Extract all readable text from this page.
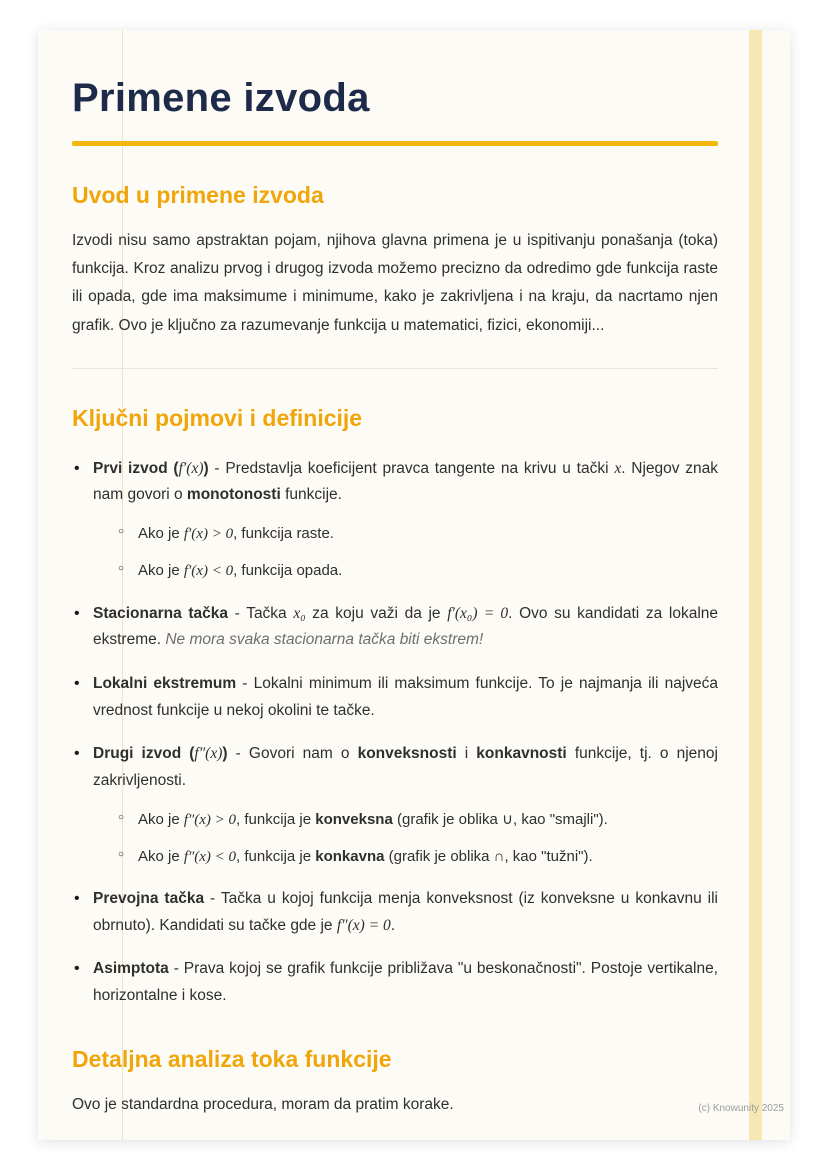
Primene izvoda
Uvod u primene izvoda

Izvodi nisu samo apstraktan pojam, njihova glavna primena je u ispitivanju ponašanja (toka) funkcija. Kroz analizu prvog i drugog izvoda možemo precizno da odredimo gde funkcija raste ili opada, gde ima maksimume i minimume, kako je zakrivljena i na kraju, da nacrtamo njen grafik. Ovo je ključno za razumevanje funkcija u matematici, fizici, ekonomiji...

Ključni pojmovi i definicije
• Prvi izvod (f′(x)) - Predstavlja koeficijent pravca tangente na krivu u tački x. Njegov znak nam govori o monotonosti funkcije.
○ Ako je f′(x) > 0, funkcija raste.
○ Ako je f′(x) < 0, funkcija opada.
• Stacionarna tačka - Tačka x₀ za koju važi da je f′(x₀) = 0. Ovo su kandidati za lokalne ekstreme. Ne mora svaka stacionarna tačka biti ekstrem!
• Lokalni ekstremum - Lokalni minimum ili maksimum funkcije. To je najmanja ili najveća vrednost funkcije u nekoj okolini te tačke.
• Drugi izvod (f″(x)) - Govori nam o konveksnosti i konkavnosti funkcije, tj. o njenoj zakrivljenosti.
○ Ako je f″(x) > 0, funkcija je konveksna (grafik je oblika ∪, kao "smajli").
○ Ako je f″(x) < 0, funkcija je konkavna (grafik je oblika ∩, kao "tužni").
• Prevojna tačka - Tačka u kojoj funkcija menja konveksnost (iz konveksne u konkavnu ili obrnuto). Kandidati su tačke gde je f″(x) = 0.
• Asimptota - Prava kojoj se grafik funkcije približava "u beskonačnosti". Postoje vertikalne, horizontalne i kose.
Detaljna analiza toka funkcije

Ovo je standardna procedura, moram da pratim korake.	(c) Knowunity 2025
